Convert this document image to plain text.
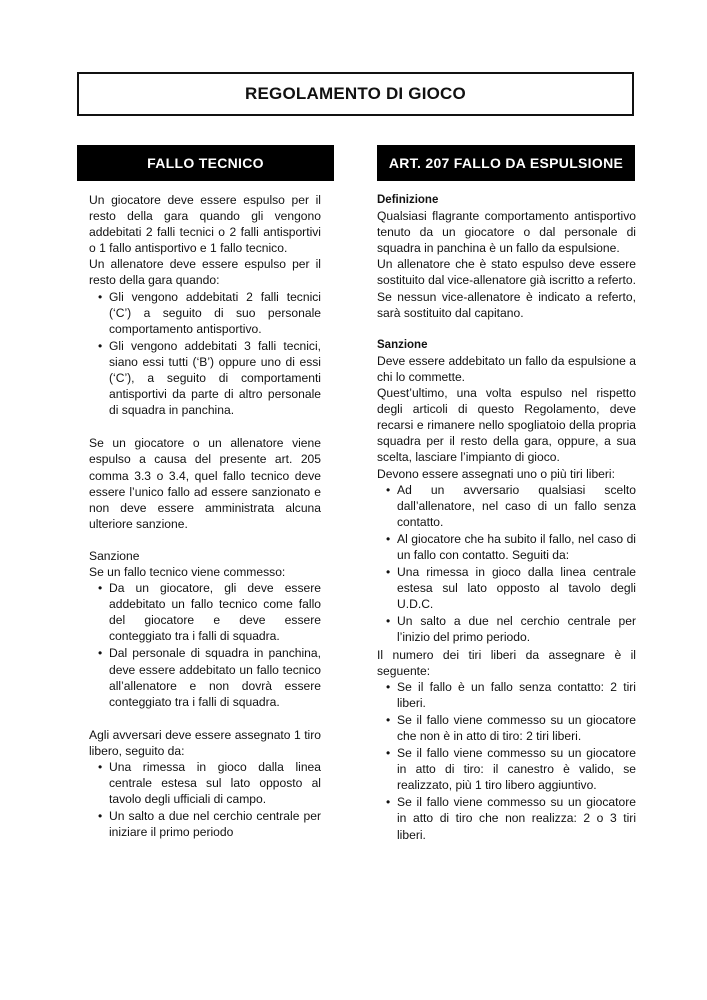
REGOLAMENTO DI GIOCO
FALLO TECNICO	ART. 207 FALLO DA ESPULSIONE

Un giocatore deve essere espulso per il resto della gara quando gli vengono addebitati 2 falli tecnici o 2 falli antisportivi o 1 fallo antisportivo e 1 fallo tecnico.

Un allenatore deve essere espulso per il resto della gara quando:

• Gli vengono addebitati 2 falli tecnici (‘C’) a seguito di suo personale comportamento antisportivo.
• Gli vengono addebitati 3 falli tecnici, siano essi tutti (‘B’) oppure uno di essi (‘C’), a seguito di comportamenti antisportivi da parte di altro personale di squadra in panchina.

Se un giocatore o un allenatore viene espulso a causa del presente art. 205 comma 3.3 o 3.4, quel fallo tecnico deve essere l’unico fallo ad essere sanzionato e non deve essere amministrata alcuna ulteriore sanzione.

Sanzione

Se un fallo tecnico viene commesso:

• Da un giocatore, gli deve essere addebitato un fallo tecnico come fallo del giocatore e deve essere conteggiato tra i falli di squadra.
• Dal personale di squadra in panchina, deve essere addebitato un fallo tecnico all’allenatore e non dovrà essere conteggiato tra i falli di squadra.

Agli avversari deve essere assegnato 1 tiro libero, seguito da:

• Una rimessa in gioco dalla linea centrale estesa sul lato opposto al tavolo degli ufficiali di campo.
• Un salto a due nel cerchio centrale per iniziare il primo periodo

Definizione

Qualsiasi flagrante comportamento antisportivo tenuto da un giocatore o dal personale di squadra in panchina è un fallo da espulsione.

Un allenatore che è stato espulso deve essere sostituito dal vice-allenatore già iscritto a referto. Se nessun vice-allenatore è indicato a referto, sarà sostituito dal capitano.

Sanzione

Deve essere addebitato un fallo da espulsione a chi lo commette.

Quest’ultimo, una volta espulso nel rispetto degli articoli di questo Regolamento, deve recarsi e rimanere nello spogliatoio della propria squadra per il resto della gara, oppure, a sua scelta, lasciare l’impianto di gioco.

Devono essere assegnati uno o più tiri liberi:

• Ad un avversario qualsiasi scelto dall’allenatore, nel caso di un fallo senza contatto.
• Al giocatore che ha subito il fallo, nel caso di un fallo con contatto. Seguiti da:
• Una rimessa in gioco dalla linea centrale estesa sul lato opposto al tavolo degli U.D.C.
• Un salto a due nel cerchio centrale per l’inizio del primo periodo.

Il numero dei tiri liberi da assegnare è il seguente:

• Se il fallo è un fallo senza contatto: 2 tiri liberi.
• Se il fallo viene commesso su un giocatore che non è in atto di tiro: 2 tiri liberi.
• Se il fallo viene commesso su un giocatore in atto di tiro: il canestro è valido, se realizzato, più 1 tiro libero aggiuntivo.
• Se il fallo viene commesso su un giocatore in atto di tiro che non realizza: 2 o 3 tiri liberi.
